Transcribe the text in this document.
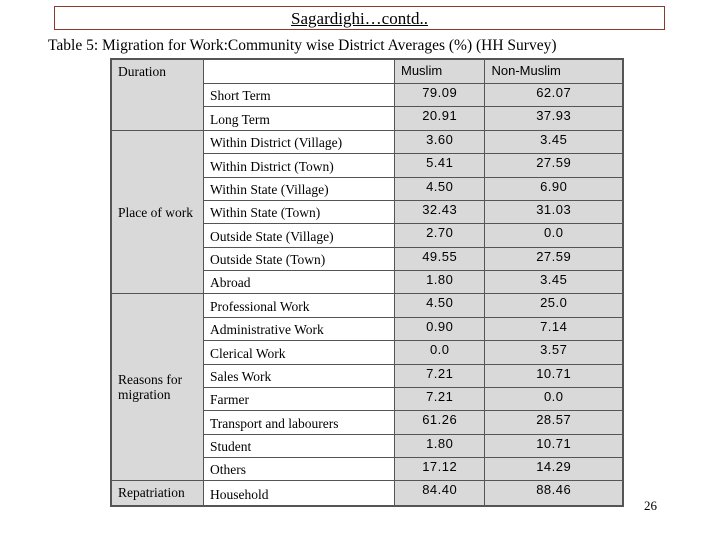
Sagardighi…contd..
Table 5: Migration for Work:Community wise District Averages (%) (HH Survey)
Duration		Muslim	Non-Muslim
	Short Term	79.09	62.07
	Long Term	20.91	37.93
Place of work	Within District (Village)	3.60	3.45
	Within District (Town)	5.41	27.59
	Within State (Village)	4.50	6.90
	Within State (Town)	32.43	31.03
	Outside State (Village)	2.70	0.0
	Outside State (Town)	49.55	27.59
	Abroad	1.80	3.45
Reasons for migration	Professional Work	4.50	25.0
	Administrative Work	0.90	7.14
	Clerical Work	0.0	3.57
	Sales Work	7.21	10.71
	Farmer	7.21	0.0
	Transport and labourers	61.26	28.57
	Student	1.80	10.71
	Others	17.12	14.29
Repatriation	Household	84.40	88.46
26
